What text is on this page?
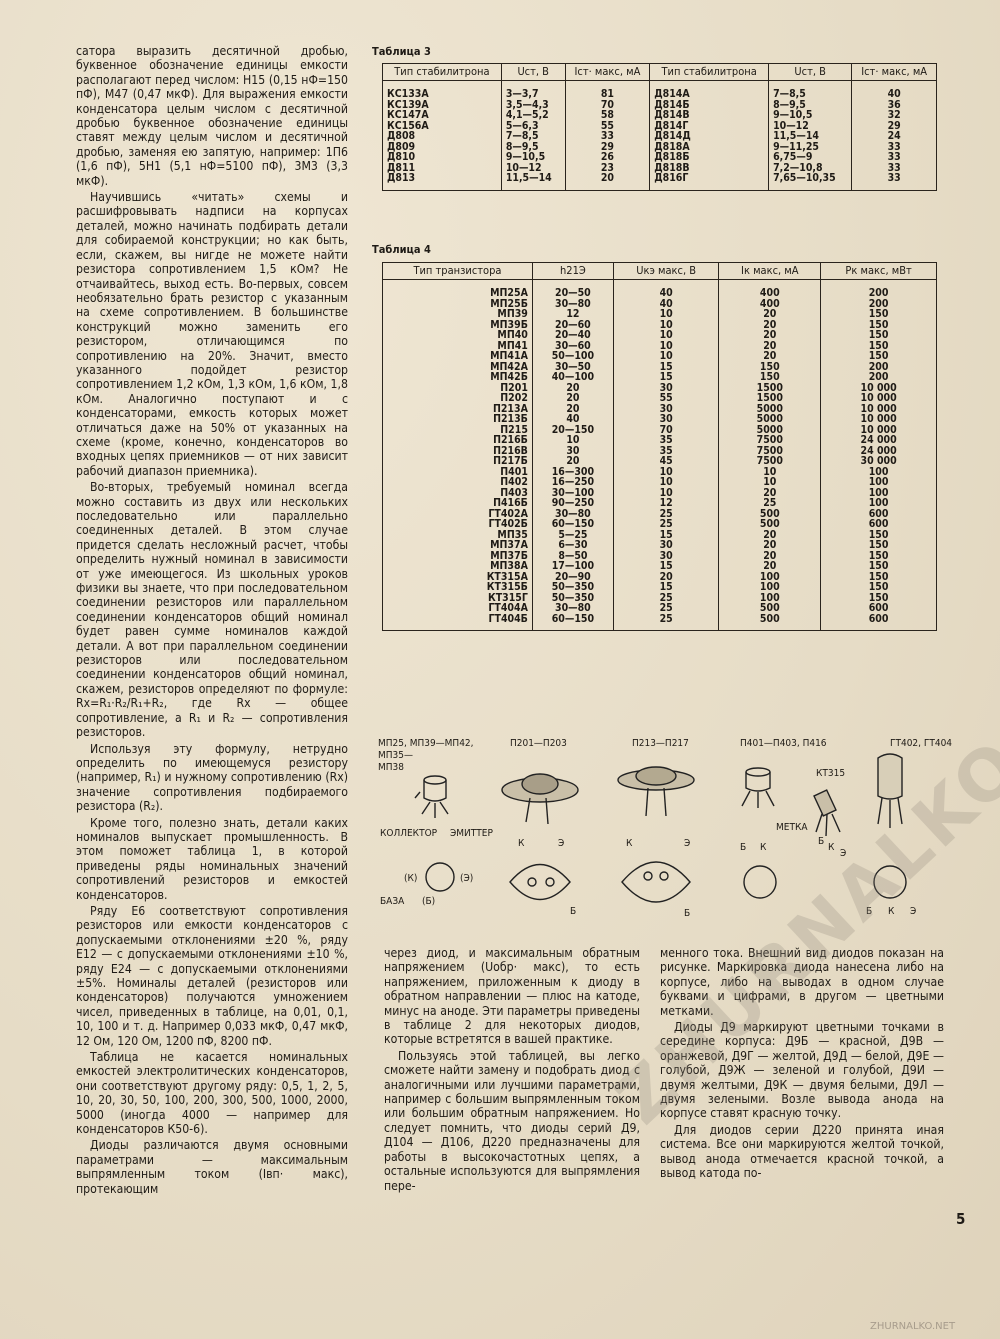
сатора выразить десятичной дробью, буквенное обозначение единицы емкости располагают перед числом: Н15 (0,15 нФ=150 пФ), М47 (0,47 мкФ). Для выражения емкости конденсатора целым числом с десятичной дробью буквенное обозначение единицы ставят между целым числом и десятичной дробью, заменяя ею запятую, например: 1П6 (1,6 пФ), 5Н1 (5,1 нФ=5100 пФ), 3М3 (3,3 мкФ).

Научившись «читать» схемы и расшифровывать надписи на корпусах деталей, можно начинать подбирать детали для собираемой конструкции; но как быть, если, скажем, вы нигде не можете найти резистора сопротивлением 1,5 кОм? Не отчаивайтесь, выход есть. Во-первых, совсем необязательно брать резистор с указанным на схеме сопротивлением. В большинстве конструкций можно заменить его резистором, отличающимся по сопротивлению на 20%. Значит, вместо указанного подойдет резистор сопротивлением 1,2 кОм, 1,3 кОм, 1,6 кОм, 1,8 кОм. Аналогично поступают и с конденсаторами, емкость которых может отличаться даже на 50% от указанных на схеме (кроме, конечно, конденсаторов во входных цепях приемников — от них зависит рабочий диапазон приемника).

Во-вторых, требуемый номинал всегда можно составить из двух или нескольких последовательно или параллельно соединенных деталей. В этом случае придется сделать несложный расчет, чтобы определить нужный номинал в зависимости от уже имеющегося. Из школьных уроков физики вы знаете, что при последовательном соединении резисторов или параллельном соединении конденсаторов общий номинал будет равен сумме номиналов каждой детали. А вот при параллельном соединении резисторов или последовательном соединении конденсаторов общий номинал, скажем, резисторов определяют по формуле: Rx=R₁·R₂/R₁+R₂, где Rx — общее сопротивление, а R₁ и R₂ — сопротивления резисторов.

Используя эту формулу, нетрудно определить по имеющемуся резистору (например, R₁) и нужному сопротивлению (Rx) значение сопротивления подбираемого резистора (R₂).

Кроме того, полезно знать, детали каких номиналов выпускает промышленность. В этом поможет таблица 1, в которой приведены ряды номинальных значений сопротивлений резисторов и емкостей конденсаторов.

Ряду Е6 соответствуют сопротивления резисторов или емкости конденсаторов с допускаемыми отклонениями ±20 %, ряду Е12 — с допускаемыми отклонениями ±10 %, ряду Е24 — с допускаемыми отклонениями ±5%. Номиналы деталей (резисторов или конденсаторов) получаются умножением чисел, приведенных в таблице, на 0,01, 0,1, 10, 100 и т. д. Например 0,033 мкФ, 0,47 мкФ, 12 Ом, 120 Ом, 1200 пФ, 8200 пФ.

Таблица не касается номинальных емкостей электролитических конденсаторов, они соответствуют другому ряду: 0,5, 1, 2, 5, 10, 20, 30, 50, 100, 200, 300, 500, 1000, 2000, 5000 (иногда 4000 — например для конденсаторов К50-6).

Диоды различаются двумя основными параметрами — максимальным выпрямленным током (Iвп· макс), протекающим

Таблица 3
Тип стабилитрона	Uст, В	Iст· макс, мА	Тип стабилитрона	Uст, В	Iст· макс, мА
КС133А	3—3,7	81	Д814А	7—8,5	40
КС139А	3,5—4,3	70	Д814Б	8—9,5	36
КС147А	4,1—5,2	58	Д814В	9—10,5	32
КС156А	5—6,3	55	Д814Г	10—12	29
Д808	7—8,5	33	Д814Д	11,5—14	24
Д809	8—9,5	29	Д818А	9—11,25	33
Д810	9—10,5	26	Д818Б	6,75—9	33
Д811	10—12	23	Д818В	7,2—10,8	33
Д813	11,5—14	20	Д816Г	7,65—10,35	33
Таблица 4
Тип транзистора	h21Э	Uкэ макс, В	Iк макс, мА	Pк макс, мВт
МП25А	20—50	40	400	200
МП25Б	30—80	40	400	200
МП39	12	10	20	150
МП39Б	20—60	10	20	150
МП40	20—40	10	20	150
МП41	30—60	10	20	150
МП41А	50—100	10	20	150
МП42А	30—50	15	150	200
МП42Б	40—100	15	150	200
П201	20	30	1500	10 000
П202	20	55	1500	10 000
П213А	20	30	5000	10 000
П213Б	40	30	5000	10 000
П215	20—150	70	5000	10 000
П216Б	10	35	7500	24 000
П216В	30	35	7500	24 000
П217Б	20	45	7500	30 000
П401	16—300	10	10	100
П402	16—250	10	10	100
П403	30—100	10	20	100
П416Б	90—250	12	25	100
ГТ402А	30—80	25	500	600
ГТ402Б	60—150	25	500	600
МП35	5—25	15	20	150
МП37А	6—30	30	20	150
МП37Б	8—50	30	20	150
МП38А	17—100	15	20	150
КТ315А	20—90	20	100	150
КТ315Б	50—350	15	100	150
КТ315Г	50—350	25	100	150
ГТ404А	30—80	25	500	600
ГТ404Б	60—150	25	500	600
МП25, МП39—МП42,
МП35—
МП38
П201—П203	П213—П217	П401—П403, П416	ГТ402, ГТ404
КТ315
КОЛЛЕКТОР ЭМИТТЕР
(К)	(Э)
БАЗА (Б)
К	Э
Б
К	Э
Б
Б К
МЕТКА
Б
К
Э
Б К Э

через диод, и максимальным обратным напряжением (Uобр· макс), то есть напряжением, приложенным к диоду в обратном направлении — плюс на катоде, минус на аноде. Эти параметры приведены в таблице 2 для некоторых диодов, которые встретятся в вашей практике.

Пользуясь этой таблицей, вы легко сможете найти замену и подобрать диод с аналогичными или лучшими параметрами, например с большим выпрямленным током или большим обратным напряжением. Но следует помнить, что диоды серий Д9, Д104 — Д106, Д220 предназначены для работы в высокочастотных цепях, а остальные используются для выпрямления пере-

менного тока. Внешний вид диодов показан на рисунке. Маркировка диода нанесена либо на корпусе, либо на выводах в одном случае буквами и цифрами, в другом — цветными метками.

Диоды Д9 маркируют цветными точками в середине корпуса: Д9Б — красной, Д9В — оранжевой, Д9Г — желтой, Д9Д — белой, Д9Е — голубой, Д9Ж — зеленой и голубой, Д9И — двумя желтыми, Д9К — двумя белыми, Д9Л — двумя зелеными. Возле вывода анода на корпусе ставят красную точку.

Для диодов серии Д220 принята иная система. Все они маркируются желтой точкой, вывод анода отмечается красной точкой, а вывод катода по-

5
ZHURNALKO.NET
